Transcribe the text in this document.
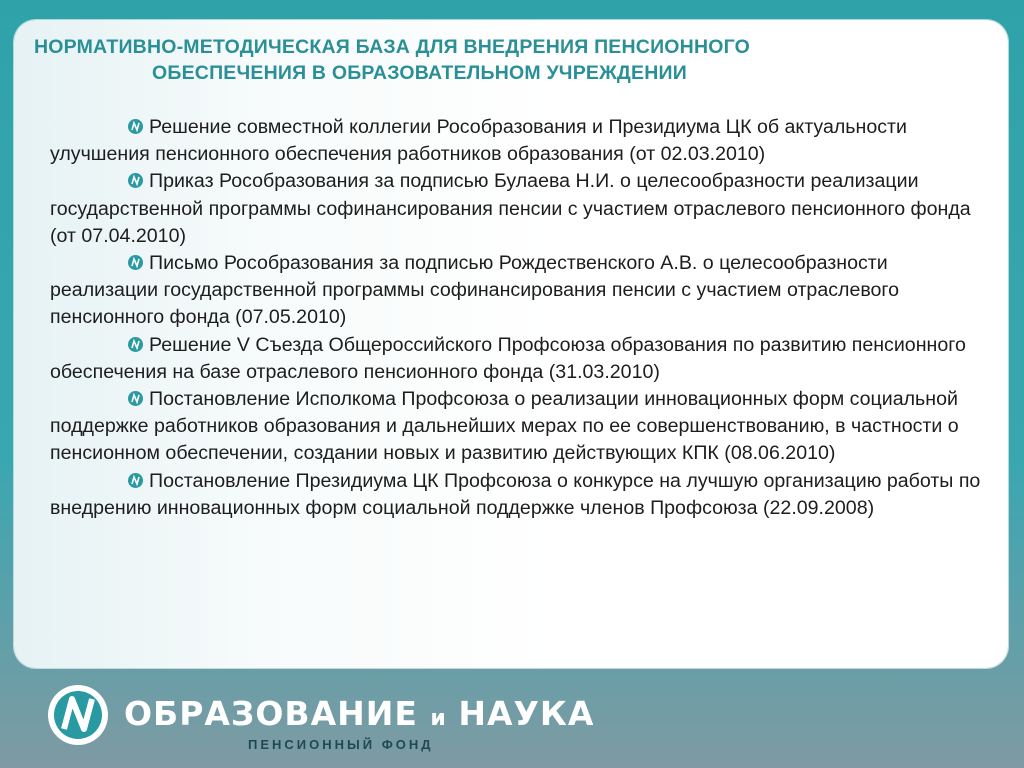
НОРМАТИВНО-МЕТОДИЧЕСКАЯ БАЗА ДЛЯ ВНЕДРЕНИЯ ПЕНСИОННОГО
ОБЕСПЕЧЕНИЯ В ОБРАЗОВАТЕЛЬНОМ УЧРЕЖДЕНИИ

Решение совместной коллегии Рособразования и Президиума ЦК об актуальности улучшения пенсионного обеспечения работников образования (от 02.03.2010)

Приказ Рособразования за подписью Булаева Н.И. о целесообразности реализации государственной программы софинансирования пенсии с участием отраслевого пенсионного фонда (от 07.04.2010)

Письмо Рособразования за подписью Рождественского А.В. о целесообразности реализации государственной программы софинансирования пенсии с участием отраслевого пенсионного фонда (07.05.2010)

Решение V Съезда Общероссийского Профсоюза образования по развитию пенсионного обеспечения на базе отраслевого пенсионного фонда (31.03.2010)

Постановление Исполкома Профсоюза о реализации инновационных форм социальной поддержке работников образования и дальнейших мерах по ее совершенствованию, в частности о пенсионном обеспечении, создании новых и развитию действующих КПК (08.06.2010)

Постановление Президиума ЦК Профсоюза о конкурсе на лучшую организацию работы по внедрению инновационных форм социальной поддержке членов Профсоюза (22.09.2008)

ОБРАЗОВАНИЕ и НАУКА
ПЕНСИОННЫЙ ФОНД
